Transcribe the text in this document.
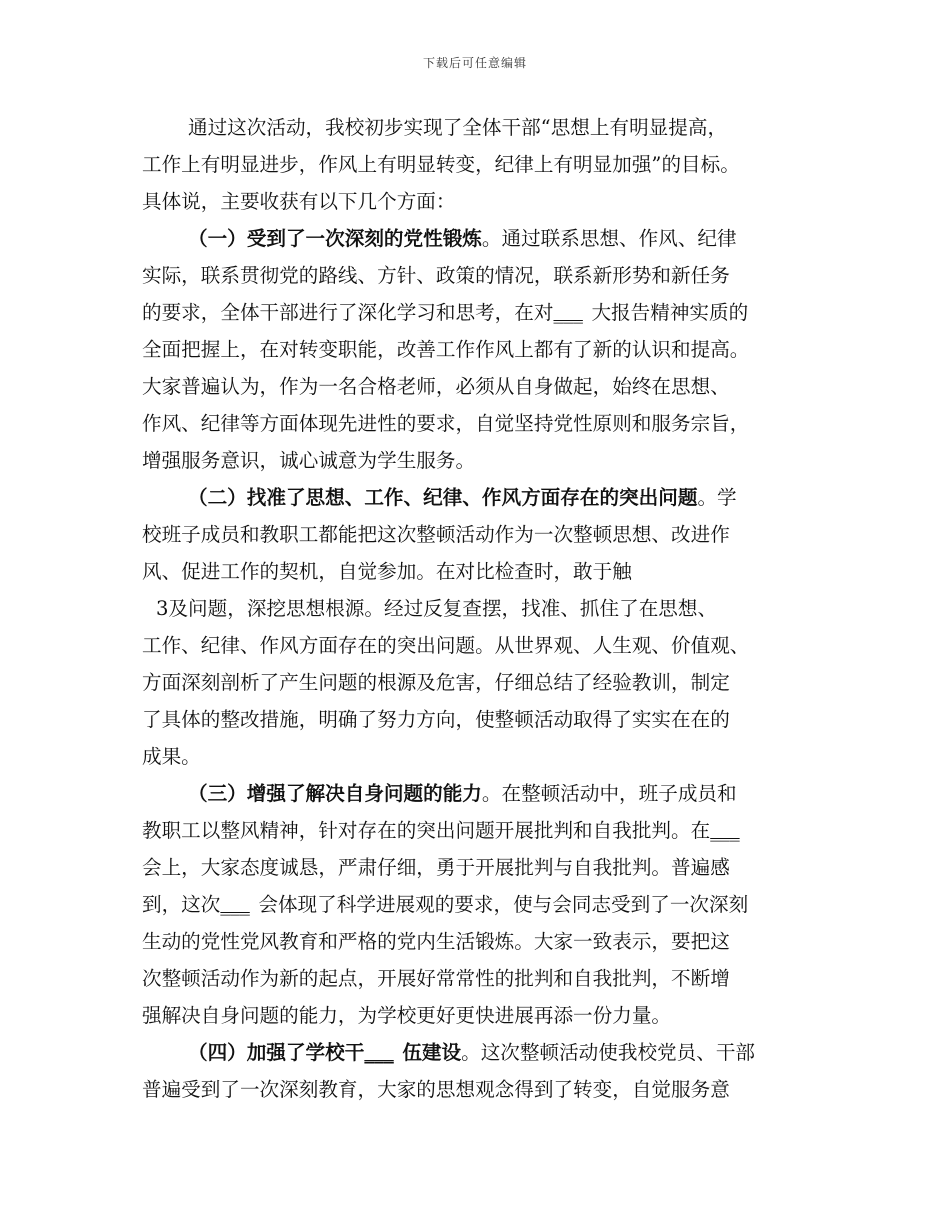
下载后可任意编辑
通过这次活动，我校初步实现了全体干部“思想上有明显提高，
工作上有明显进步，作风上有明显转变，纪律上有明显加强”的目标。
具体说，主要收获有以下几个方面：
（一）受到了一次深刻的党性锻炼。通过联系思想、作风、纪律
实际，联系贯彻党的路线、方针、政策的情况，联系新形势和新任务
的要求，全体干部进行了深化学习和思考，在对___ 大报告精神实质的
全面把握上，在对转变职能，改善工作作风上都有了新的认识和提高。
大家普遍认为，作为一名合格老师，必须从自身做起，始终在思想、
作风、纪律等方面体现先进性的要求，自觉坚持党性原则和服务宗旨，
增强服务意识，诚心诚意为学生服务。
（二）找准了思想、工作、纪律、作风方面存在的突出问题。学
校班子成员和教职工都能把这次整顿活动作为一次整顿思想、改进作
风、促进工作的契机，自觉参加。在对比检查时，敢于触
3及问题，深挖思想根源。经过反复查摆，找准、抓住了在思想、
工作、纪律、作风方面存在的突出问题。从世界观、人生观、价值观、
方面深刻剖析了产生问题的根源及危害，仔细总结了经验教训，制定
了具体的整改措施，明确了努力方向，使整顿活动取得了实实在在的
成果。
（三）增强了解决自身问题的能力。在整顿活动中，班子成员和
教职工以整风精神，针对存在的突出问题开展批判和自我批判。在___
会上，大家态度诚恳，严肃仔细，勇于开展批判与自我批判。普遍感
到，这次___ 会体现了科学进展观的要求，使与会同志受到了一次深刻
生动的党性党风教育和严格的党内生活锻炼。大家一致表示，要把这
次整顿活动作为新的起点，开展好常常性的批判和自我批判，不断增
强解决自身问题的能力，为学校更好更快进展再添一份力量。
（四）加强了学校干___ 伍建设。这次整顿活动使我校党员、干部
普遍受到了一次深刻教育，大家的思想观念得到了转变，自觉服务意
